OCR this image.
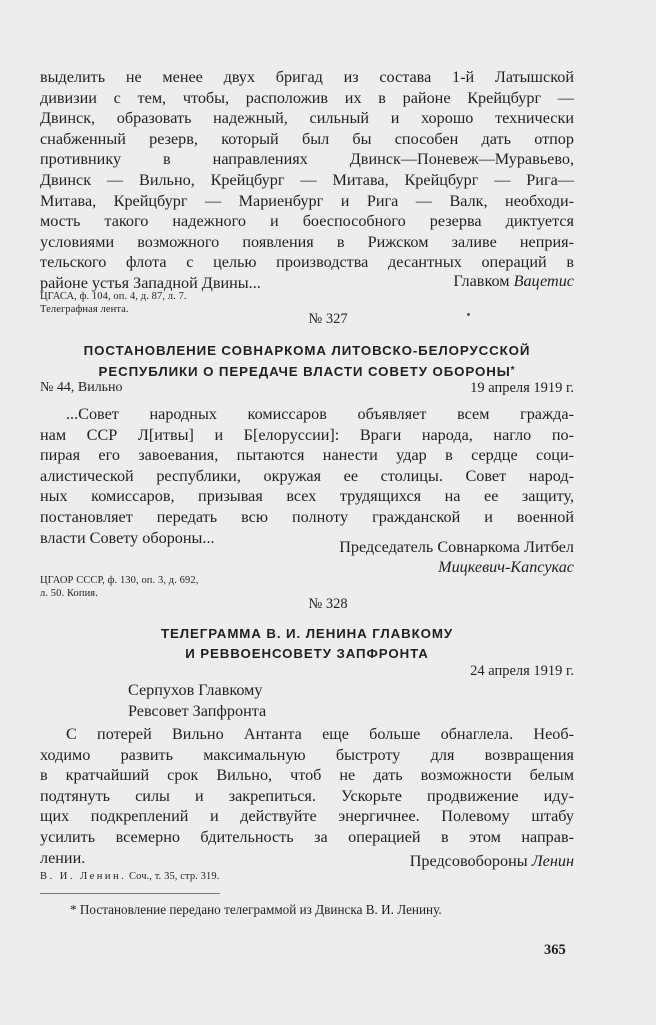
выделить не менее двух бригад из состава 1-й Латышской
дивизии с тем, чтобы, расположив их в районе Крейцбург —
Двинск, образовать надежный, сильный и хорошо технически
снабженный резерв, который был бы способен дать отпор
противнику в направлениях Двинск—Поневеж—Муравьево,
Двинск — Вильно, Крейцбург — Митава, Крейцбург — Рига—
Митава, Крейцбург — Мариенбург и Рига — Валк, необходи-
мость такого надежного и боеспособного резерва диктуется
условиями возможного появления в Рижском заливе неприя-
тельского флота с целью производства десантных операций в
районе устья Западной Двины...	Главком Вацетис
ЦГАСА, ф. 104, оп. 4, д. 87, л. 7.
Телеграфная лента.
№ 327
ПОСТАНОВЛЕНИЕ СОВНАРКОМА ЛИТОВСКО-БЕЛОРУССКОЙ
РЕСПУБЛИКИ О ПЕРЕДАЧЕ ВЛАСТИ СОВЕТУ ОБОРОНЫ*
№ 44, Вильно	19 апреля 1919 г.
...Совет народных комиссаров объявляет всем гражда-
нам ССР Л[итвы] и Б[елоруссии]: Враги народа, нагло по-
пирая его завоевания, пытаются нанести удар в сердце соци-
алистической республики, окружая ее столицы. Совет народ-
ных комиссаров, призывая всех трудящихся на ее защиту,
постановляет передать всю полноту гражданской и военной
власти Совету обороны...
Председатель Совнаркома Литбел
Мицкевич-Капсукас
ЦГАОР СССР, ф. 130, оп. 3, д. 692,
л. 50. Копия.
№ 328
ТЕЛЕГРАММА В. И. ЛЕНИНА ГЛАВКОМУ
И РЕВВОЕНСОВЕТУ ЗАПФРОНТА
24 апреля 1919 г.
Серпухов Главкому
Ревсовет Запфронта
С потерей Вильно Антанта еще больше обнаглела. Необ-
ходимо развить максимальную быстроту для возвращения
в кратчайший срок Вильно, чтоб не дать возможности белым
подтянуть силы и закрепиться. Ускорьте продвижение иду-
щих подкреплений и действуйте энергичнее. Полевому штабу
усилить всемерно бдительность за операцией в этом направ-
лении.	Предсовобороны Ленин
В. И. Ленин. Соч., т. 35, стр. 319.
* Постановление передано телеграммой из Двинска В. И. Ленину.
365
